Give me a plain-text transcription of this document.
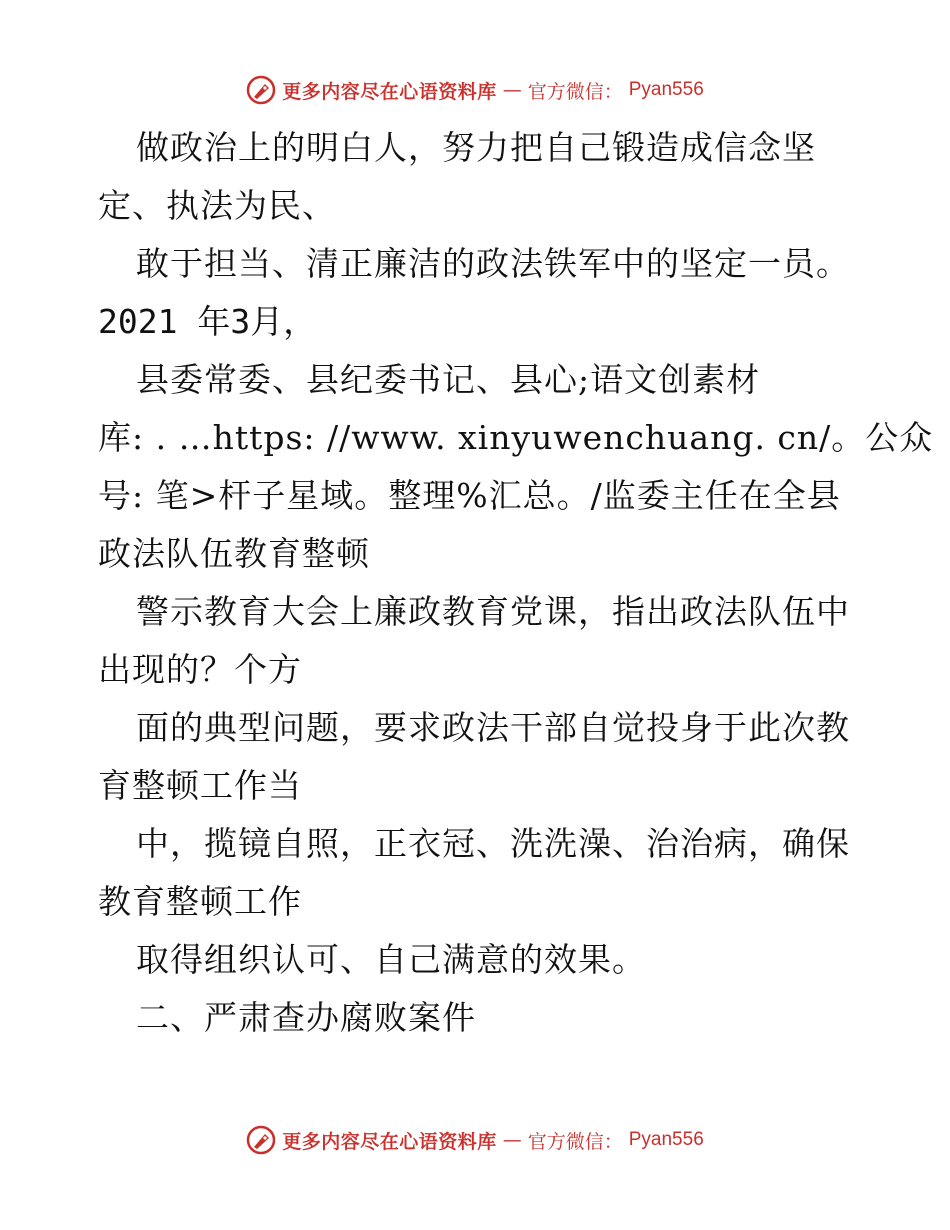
更多内容尽在心语资料库 — 官方微信： Pyan556
做政治上的明白人，努力把自己锻造成信念坚
定、执法为民、
敢于担当、清正廉洁的政法铁军中的坚定一员。
2021 年3月，
县委常委、县纪委书记、县心;语文创素材
库: . …https: //www. xinyuwenchuang. cn/。公众
号: 笔>杆子星域。整理%汇总。/监委主任在全县
政法队伍教育整顿
警示教育大会上廉政教育党课，指出政法队伍中
出现的？个方
面的典型问题，要求政法干部自觉投身于此次教
育整顿工作当
中，揽镜自照，正衣冠、洗洗澡、治治病，确保
教育整顿工作
取得组织认可、自己满意的效果。
二、严肃查办腐败案件
更多内容尽在心语资料库 — 官方微信： Pyan556
